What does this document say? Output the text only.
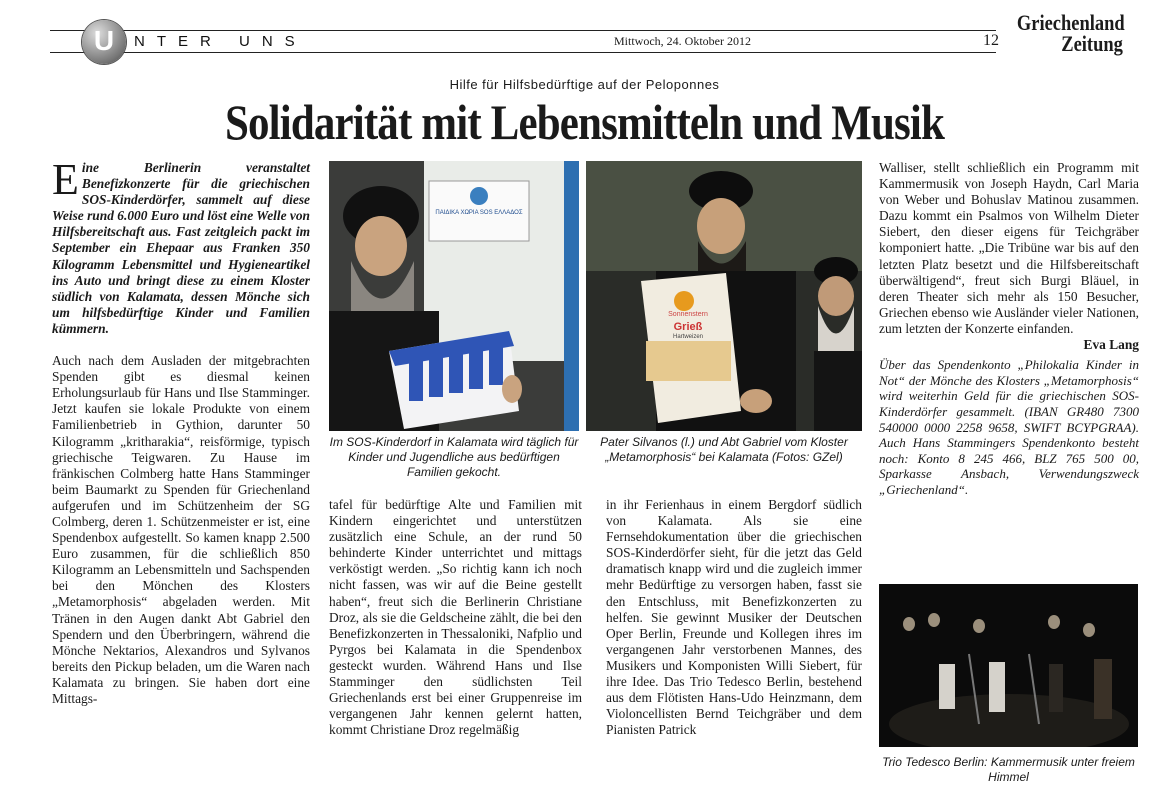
U	NTER UNS	Mittwoch, 24. Oktober 2012	12
Griechenland
Zeitung
Hilfe für Hilfsbedürftige auf der Peloponnes
Solidarität mit Lebensmitteln und Musik

Eine Berlinerin veranstaltet Benefizkonzerte für die griechischen SOS-Kinderdörfer, sammelt auf diese Weise rund 6.000 Euro und löst eine Welle von Hilfsbereitschaft aus. Fast zeitgleich packt im September ein Ehepaar aus Franken 350 Kilogramm Lebensmittel und Hygieneartikel ins Auto und bringt diese zu einem Kloster südlich von Kalamata, dessen Mönche sich um hilfsbedürftige Kinder und Familien kümmern.

Auch nach dem Ausladen der mitgebrachten Spenden gibt es diesmal keinen Erholungsurlaub für Hans und Ilse Stamminger. Jetzt kaufen sie lokale Produkte von einem Familienbetrieb in Gythion, darunter 50 Kilogramm „kritharakia“, reisförmige, typisch griechische Teigwaren. Zu Hause im fränkischen Colmberg hatte Hans Stamminger beim Baumarkt zu Spenden für Griechenland aufgerufen und im Schützenheim der SG Colmberg, deren 1. Schützenmeister er ist, eine Spendenbox aufgestellt. So kamen knapp 2.500 Euro zusammen, für die schließlich 850 Kilogramm an Lebensmitteln und Sachspenden bei den Mönchen des Klosters „Metamorphosis“ abgeladen werden. Mit Tränen in den Augen dankt Abt Gabriel den Spendern und den Überbringern, während die Mönche Nektarios, Alexandros und Sylvanos bereits den Pickup beladen, um die Waren nach Kalamata zu bringen. Sie haben dort eine Mittags-

ΠΑΙΔΙΚΑ ΧΩΡΙΑ SOS ΕΛΛΑΔΟΣ
Im SOS-Kinderdorf in Kalamata wird täglich für Kinder und Jugendliche aus bedürftigen Familien gekocht.
Sonnenstern
Grieß
Hartweizen
Pater Silvanos (l.) und Abt Gabriel vom Kloster „Metamorphosis“ bei Kalamata (Fotos: GZel)

tafel für bedürftige Alte und Familien mit Kindern eingerichtet und unterstützen zusätzlich eine Schule, an der rund 50 behinderte Kinder unterrichtet und mittags verköstigt werden. „So richtig kann ich noch nicht fassen, was wir auf die Beine gestellt haben“, freut sich die Berlinerin Christiane Droz, als sie die Geldscheine zählt, die bei den Benefizkonzerten in Thessaloniki, Nafplio und Pyrgos bei Kalamata in die Spendenbox gesteckt wurden. Während Hans und Ilse Stamminger den südlichsten Teil Griechenlands erst bei einer Gruppenreise im vergangenen Jahr kennen gelernt hatten, kommt Christiane Droz regelmäßig

in ihr Ferienhaus in einem Bergdorf südlich von Kalamata. Als sie eine Fernsehdokumentation über die griechischen SOS-Kinderdörfer sieht, für die jetzt das Geld dramatisch knapp wird und die zugleich immer mehr Bedürftige zu versorgen haben, fasst sie den Entschluss, mit Benefizkonzerten zu helfen. Sie gewinnt Musiker der Deutschen Oper Berlin, Freunde und Kollegen ihres im vergangenen Jahr verstorbenen Mannes, des Musikers und Komponisten Willi Siebert, für ihre Idee. Das Trio Tedesco Berlin, bestehend aus dem Flötisten Hans-Udo Heinzmann, dem Violoncellisten Bernd Teichgräber und dem Pianisten Patrick

Walliser, stellt schließlich ein Programm mit Kammermusik von Joseph Haydn, Carl Maria von Weber und Bohuslav Matinou zusammen. Dazu kommt ein Psalmos von Wilhelm Dieter Siebert, den dieser eigens für Teichgräber komponiert hatte. „Die Tribüne war bis auf den letzten Platz besetzt und die Hilfsbereitschaft überwältigend“, freut sich Burgi Bläuel, in deren Theater sich mehr als 150 Besucher, Griechen ebenso wie Ausländer vieler Nationen, zum letzten der Konzerte einfanden.

Eva Lang

Über das Spendenkonto „Philokalia Kinder in Not“ der Mönche des Klosters „Metamorphosis“ wird weiterhin Geld für die griechischen SOS-Kinderdörfer gesammelt. (IBAN GR480 7300 540000 0000 2258 9658, SWIFT BCYPGRAA). Auch Hans Stammingers Spendenkonto besteht noch: Konto 8 245 466, BLZ 765 500 00, Sparkasse Ansbach, Verwendungszweck „Griechenland“.

Trio Tedesco Berlin: Kammermusik unter freiem Himmel
